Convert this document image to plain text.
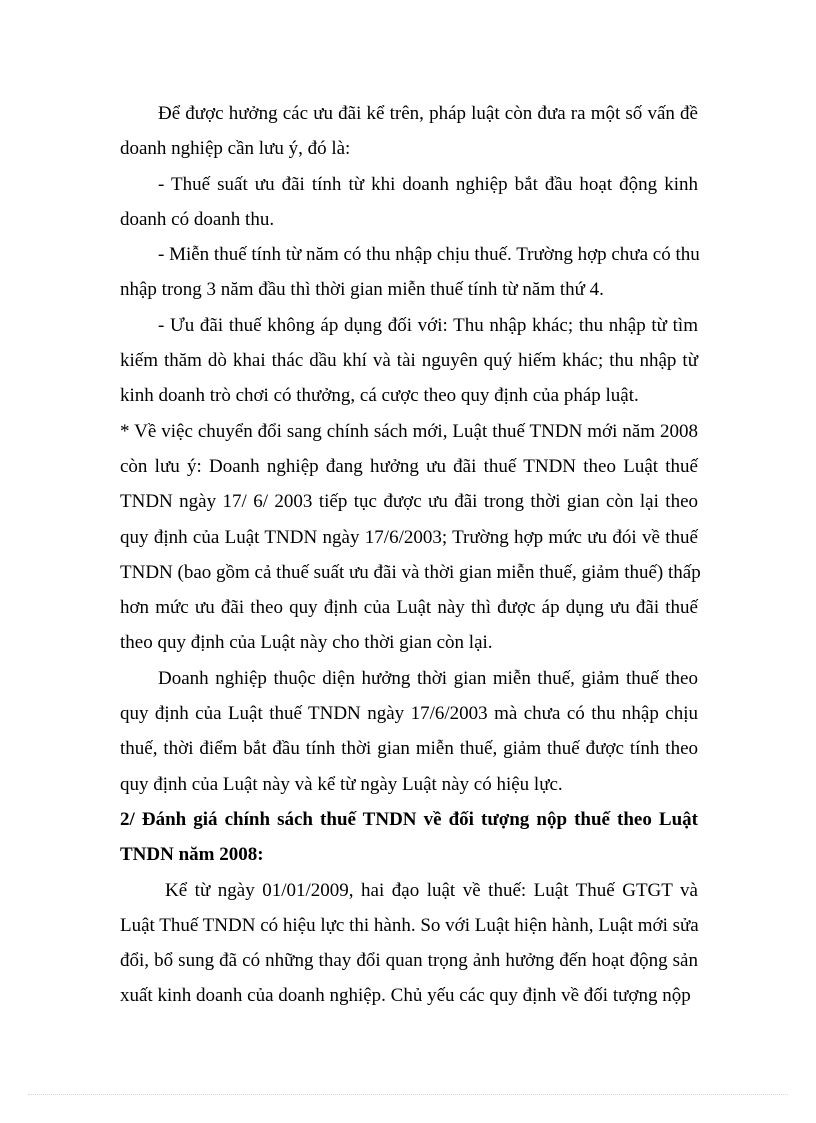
Để được hưởng các ưu đãi kể trên, pháp luật còn đưa ra một số vấn đề
doanh nghiệp cần lưu ý, đó là:
- Thuế suất ưu đãi tính từ khi doanh nghiệp bắt đầu hoạt động kinh
doanh có doanh thu.
- Miễn thuế tính từ năm có thu nhập chịu thuế. Trường hợp chưa có thu
nhập trong 3 năm đầu thì thời gian miễn thuế tính từ năm thứ 4.
- Ưu đãi thuế không áp dụng đối với: Thu nhập khác; thu nhập từ tìm
kiếm thăm dò khai thác dầu khí và tài nguyên quý hiếm khác; thu nhập từ
kinh doanh trò chơi có thưởng, cá cược theo quy định của pháp luật.
* Về việc chuyển đổi sang chính sách mới, Luật thuế TNDN mới năm 2008
còn lưu ý: Doanh nghiệp đang hưởng ưu đãi thuế TNDN theo Luật thuế
TNDN ngày 17/ 6/ 2003 tiếp tục được ưu đãi trong thời gian còn lại theo
quy định của Luật TNDN ngày 17/6/2003; Trường hợp mức ưu đói về thuế
TNDN (bao gồm cả thuế suất ưu đãi và thời gian miễn thuế, giảm thuế) thấp
hơn mức ưu đãi theo quy định của Luật này thì được áp dụng ưu đãi thuế
theo quy định của Luật này cho thời gian còn lại.
Doanh nghiệp thuộc diện hưởng thời gian miễn thuế, giảm thuế theo
quy định của Luật thuế TNDN ngày 17/6/2003 mà chưa có thu nhập chịu
thuế, thời điểm bắt đầu tính thời gian miễn thuế, giảm thuế được tính theo
quy định của Luật này và kể từ ngày Luật này có hiệu lực.
2/ Đánh giá chính sách thuế TNDN về đối tượng nộp thuế theo Luật
TNDN năm 2008:
Kể từ ngày 01/01/2009, hai đạo luật về thuế: Luật Thuế GTGT và
Luật Thuế TNDN có hiệu lực thi hành. So với Luật hiện hành, Luật mới sửa
đổi, bổ sung đã có những thay đổi quan trọng ảnh hưởng đến hoạt động sản
xuất kinh doanh của doanh nghiệp. Chủ yếu các quy định về đối tượng nộp
